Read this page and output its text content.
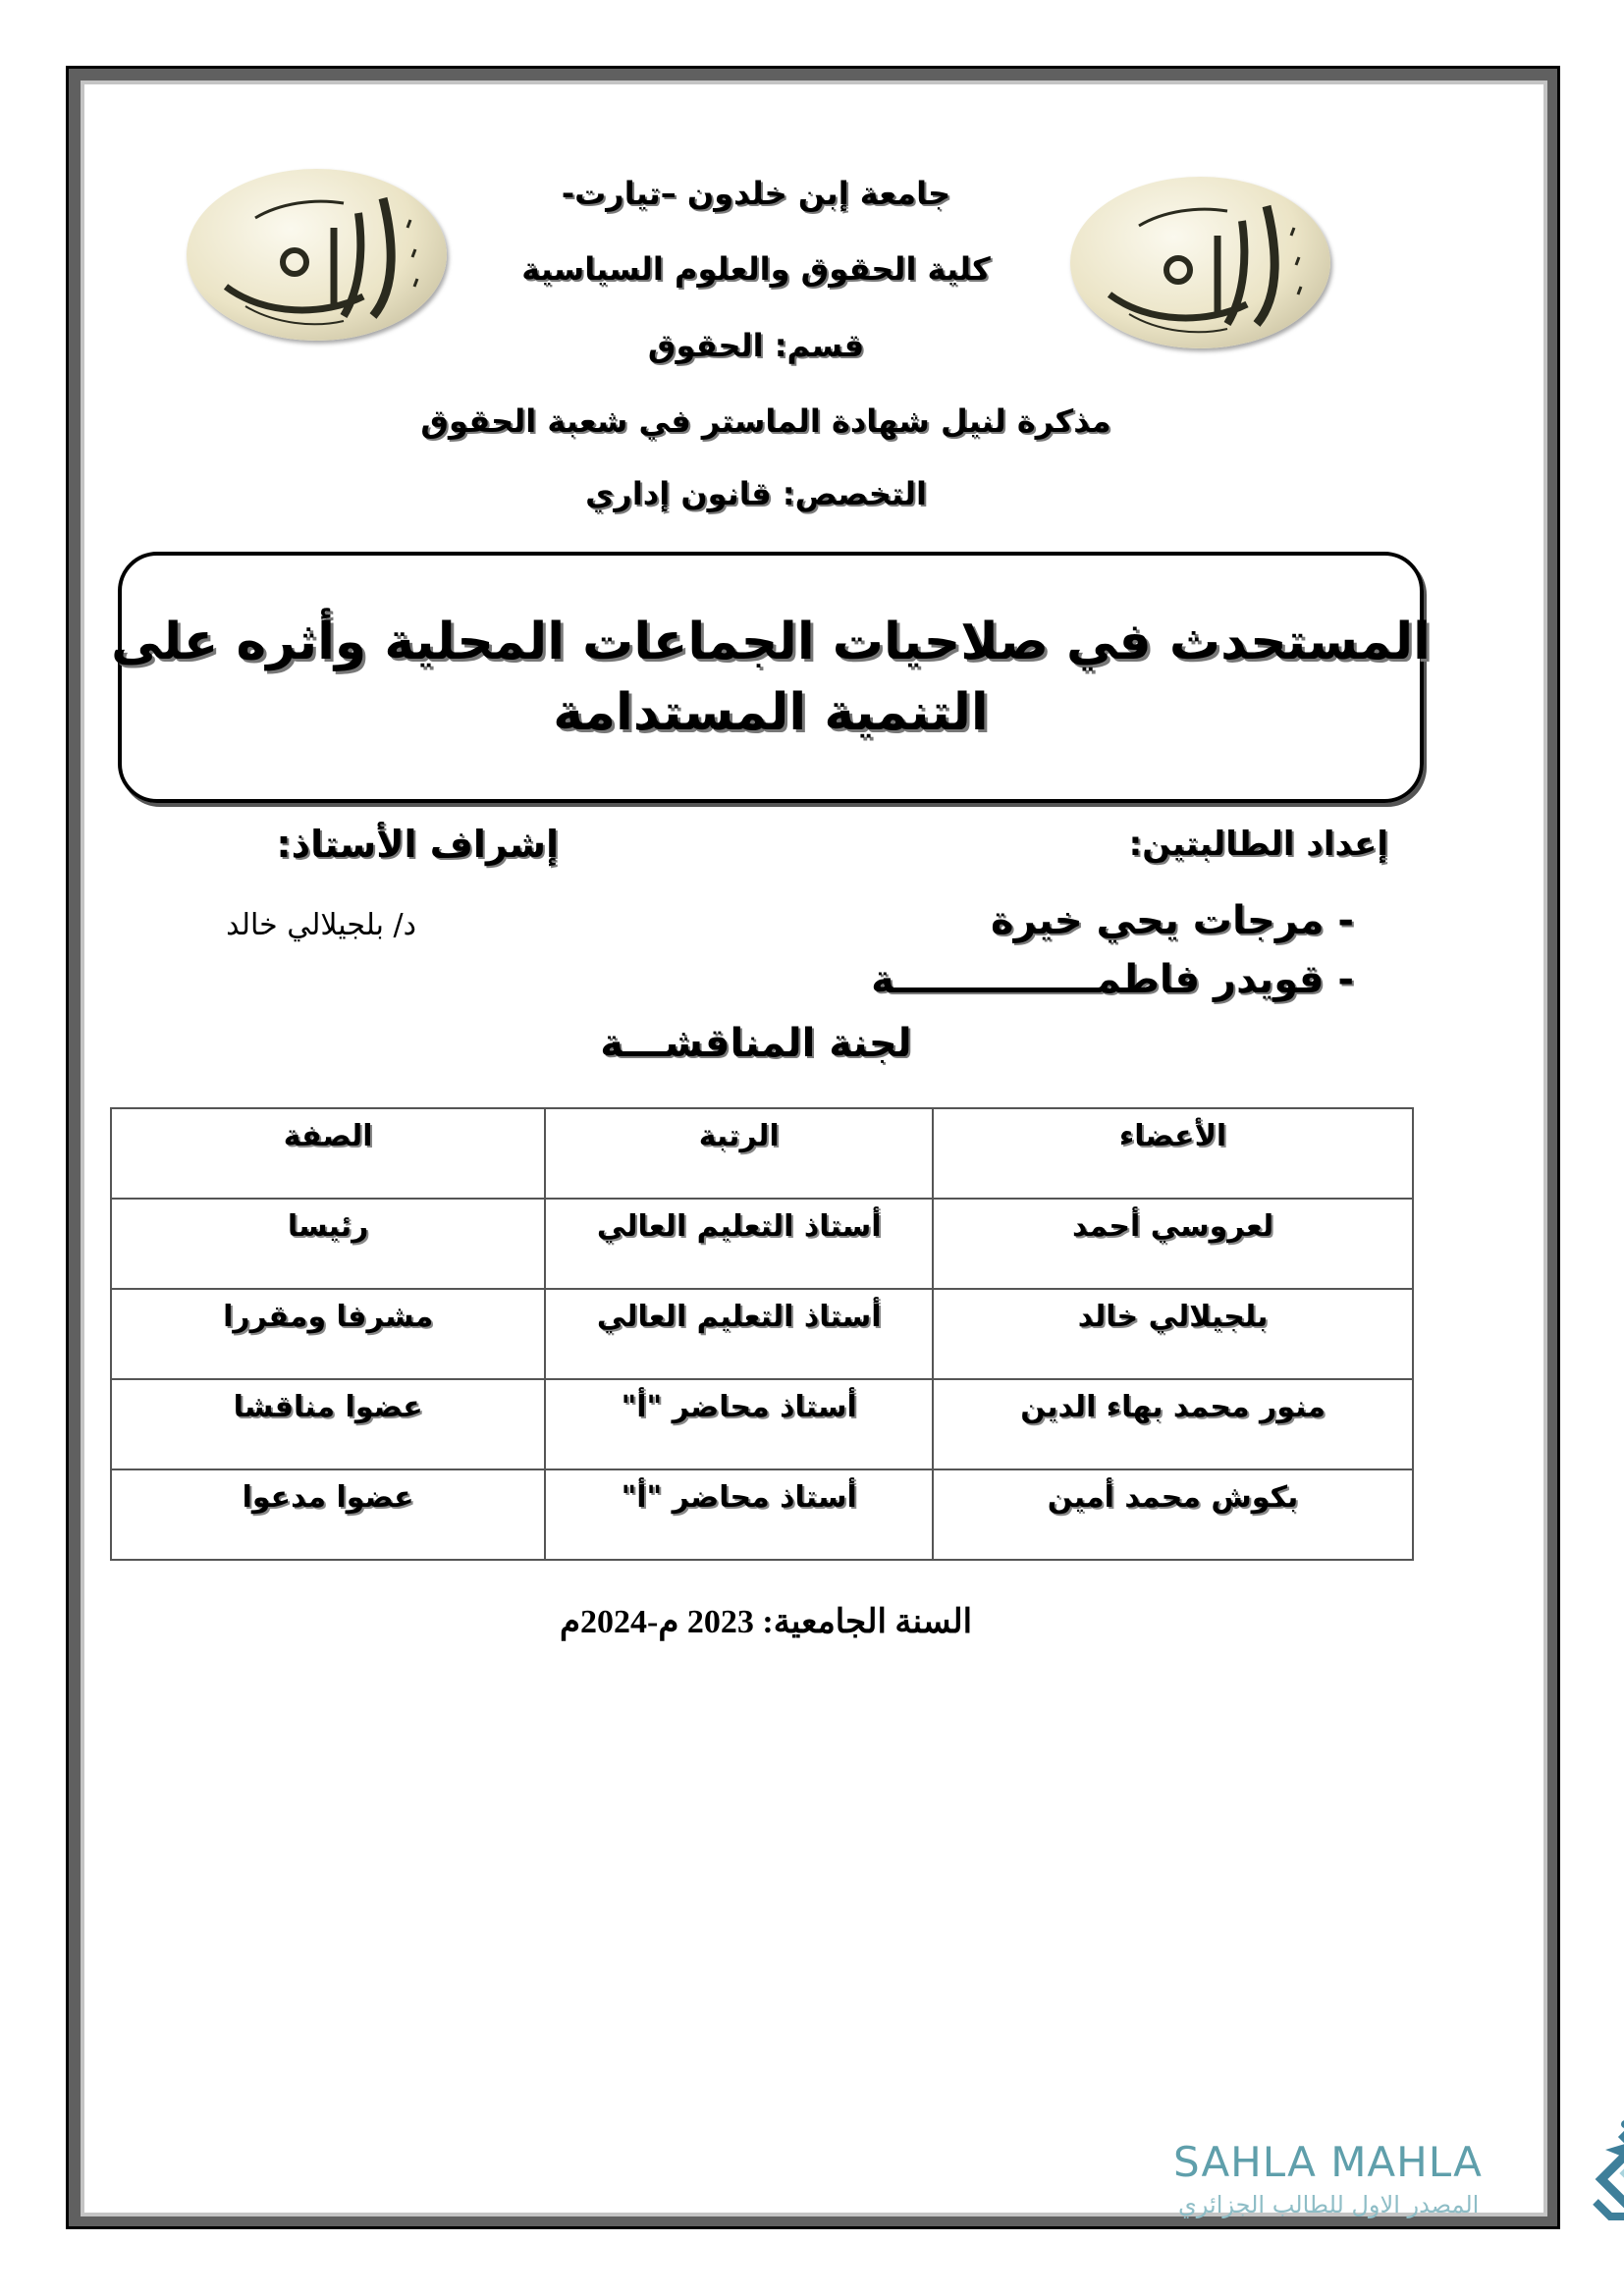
جامعة إبن خلدون –تيارت-
كلية الحقوق والعلوم السياسية
قسم: الحقوق
مذكرة لنيل شهادة الماستر في شعبة الحقوق
التخصص: قانون إداري
المستحدث في صلاحيات الجماعات المحلية وأثره على
التنمية المستدامة
إعداد الطالبتين:
إشراف الأستاذ:
- مرجات يحي خيرة
- قويدر فاطمـــــــــــــــة
د/ بلجيلالي خالد
لجنة المناقشـــة
الأعضاء	الرتبة	الصفة
لعروسي أحمد	أستاذ التعليم العالي	رئيسا
بلجيلالي خالد	أستاذ التعليم العالي	مشرفا ومقررا
منور محمد بهاء الدين	أستاذ محاضر "أ"	عضوا مناقشا
بكوش محمد أمين	أستاذ محاضر "أ"	عضوا مدعوا
السنة الجامعية: 2023 م-2024م
SAHLA MAHLA
المصدر الاول للطالب الجزائري
